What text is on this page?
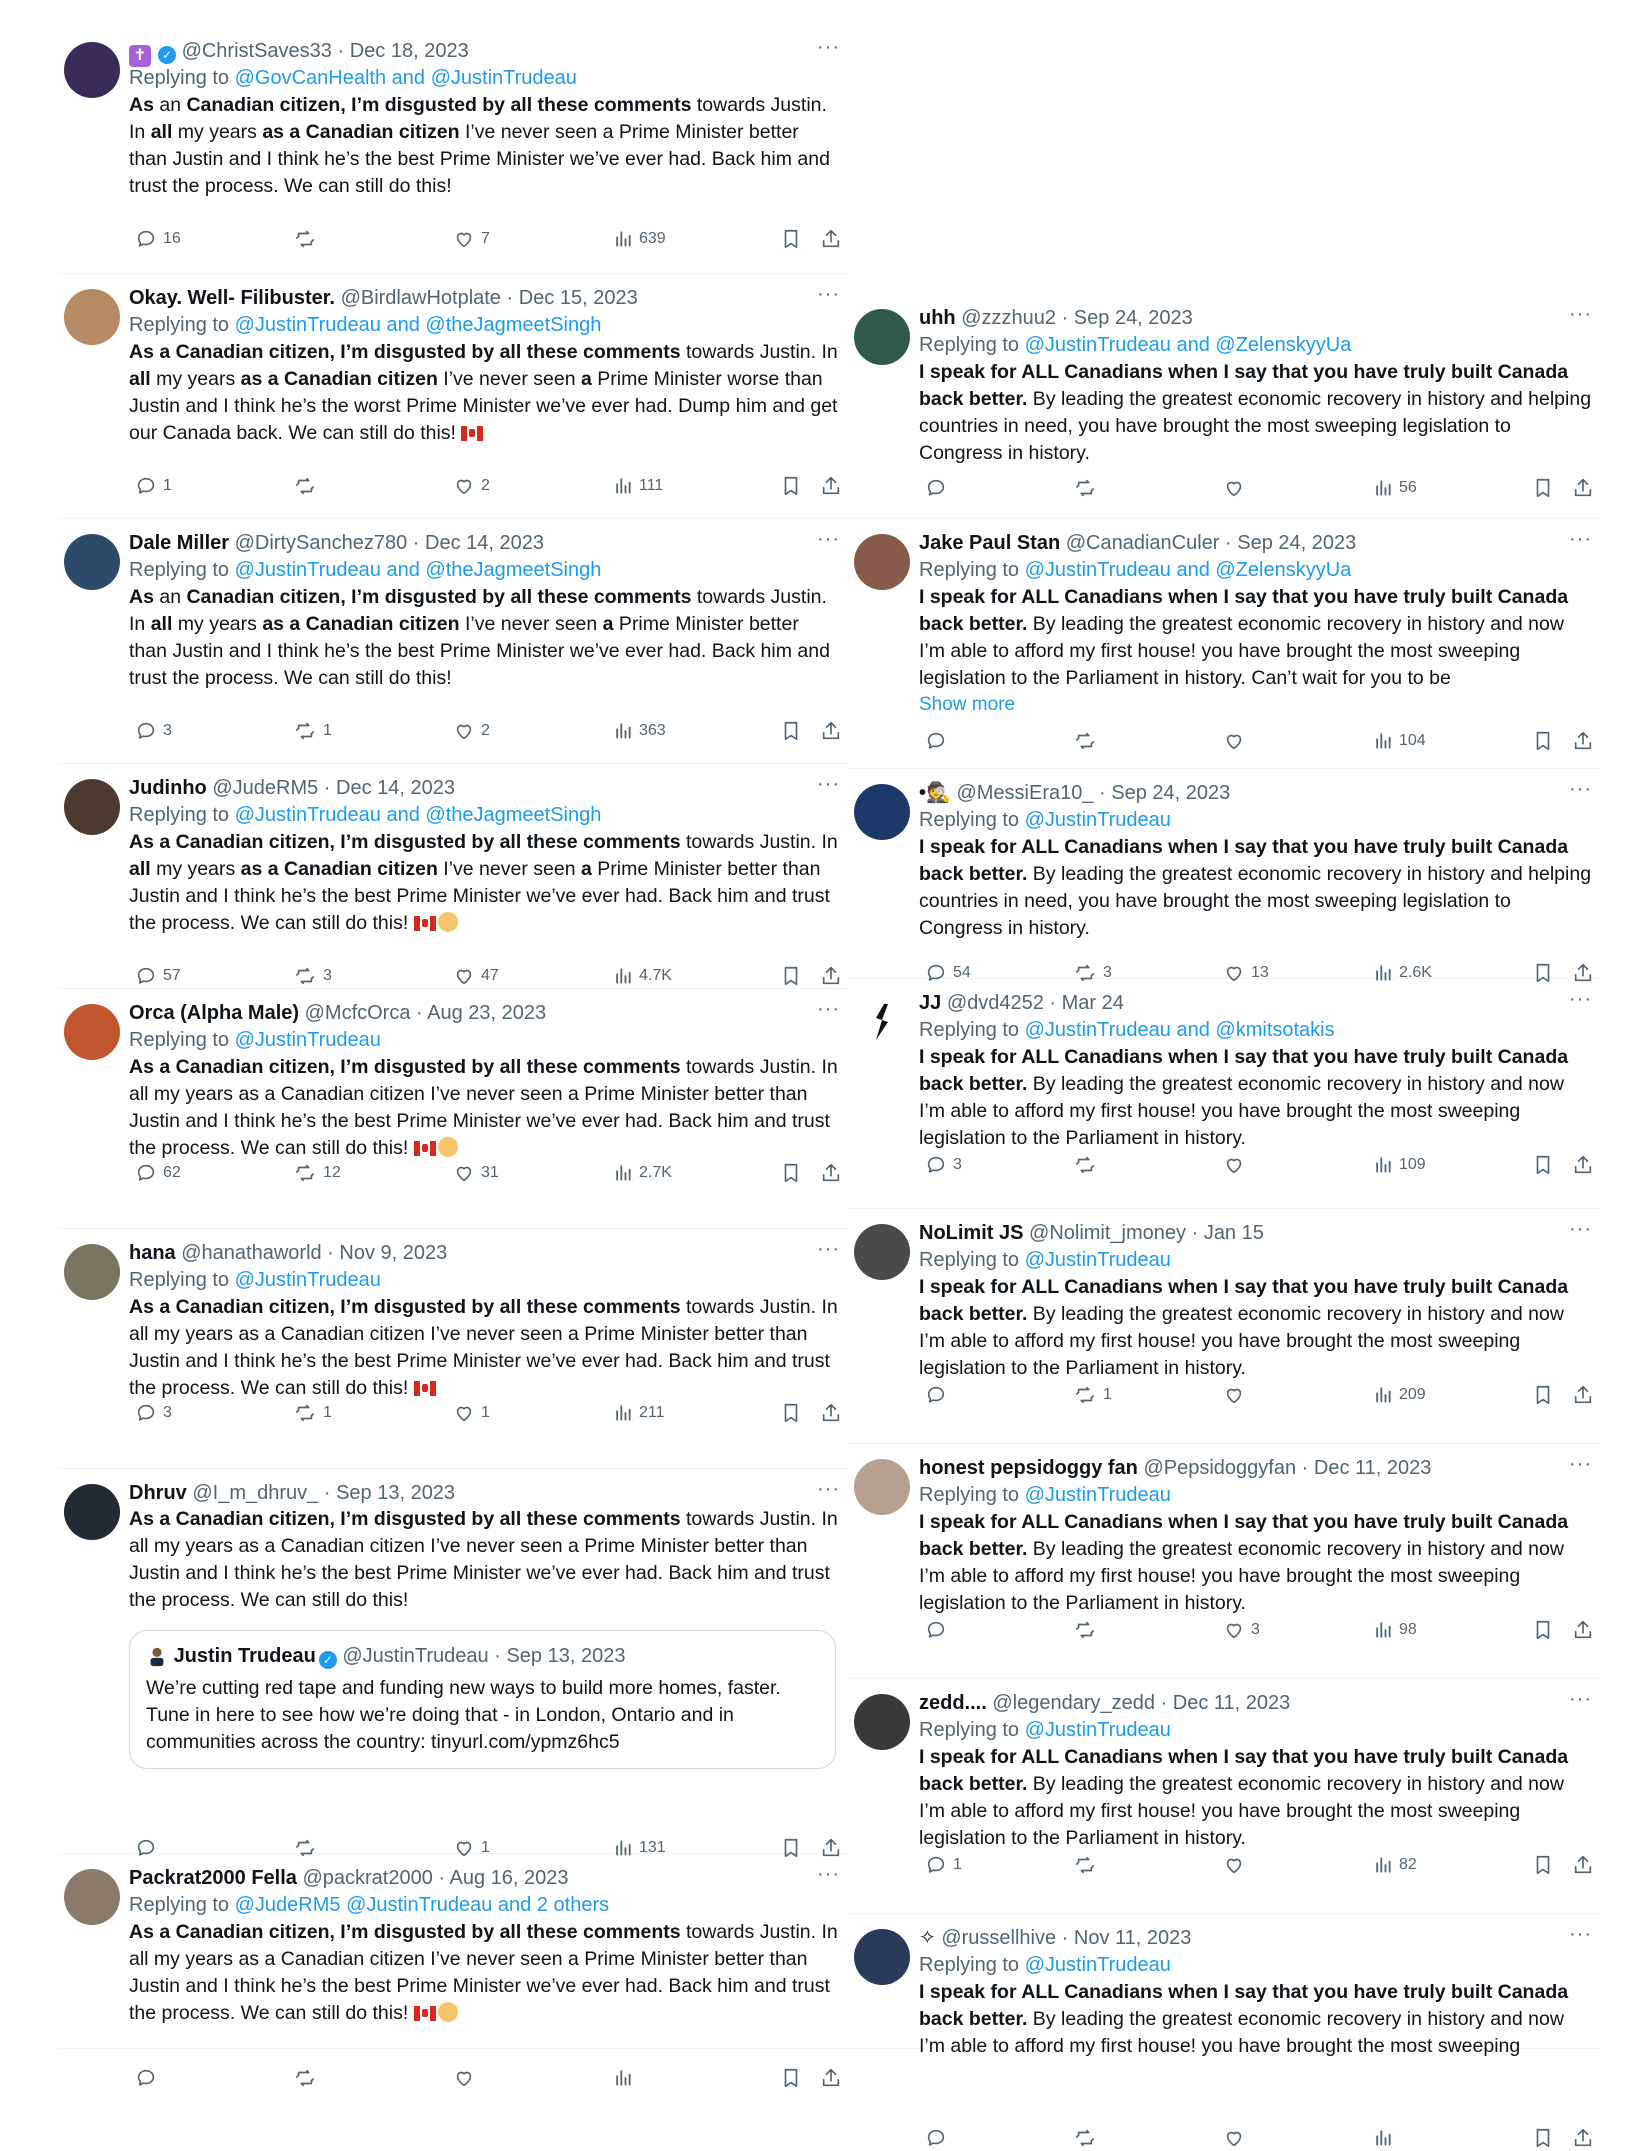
✝ ✓ @ChristSaves33 · Dec 18, 2023	···
Replying to @GovCanHealth and @JustinTrudeau
As an Canadian citizen, I’m disgusted by all these comments towards Justin. In all my years as a Canadian citizen I’ve never seen a Prime Minister better than Justin and I think he’s the best Prime Minister we’ve ever had. Back him and trust the process. We can still do this!
16	7	639
Okay. Well- Filibuster. @BirdlawHotplate · Dec 15, 2023	···
Replying to @JustinTrudeau and @theJagmeetSingh
As a Canadian citizen, I’m disgusted by all these comments towards Justin. In all my years as a Canadian citizen I’ve never seen a Prime Minister worse than Justin and I think he’s the worst Prime Minister we’ve ever had. Dump him and get our Canada back. We can still do this!
1	2	111
Dale Miller @DirtySanchez780 · Dec 14, 2023	···
Replying to @JustinTrudeau and @theJagmeetSingh
As an Canadian citizen, I’m disgusted by all these comments towards Justin. In all my years as a Canadian citizen I’ve never seen a Prime Minister better than Justin and I think he’s the best Prime Minister we’ve ever had. Back him and trust the process. We can still do this!
3	1	2	363
Judinho @JudeRM5 · Dec 14, 2023	···
Replying to @JustinTrudeau and @theJagmeetSingh
As a Canadian citizen, I’m disgusted by all these comments towards Justin. In all my years as a Canadian citizen I’ve never seen a Prime Minister better than Justin and I think he’s the best Prime Minister we’ve ever had. Back him and trust the process. We can still do this!
57	3	47	4.7K
Orca (Alpha Male) @McfcOrca · Aug 23, 2023	···
Replying to @JustinTrudeau
As a Canadian citizen, I’m disgusted by all these comments towards Justin. In all my years as a Canadian citizen I’ve never seen a Prime Minister better than Justin and I think he’s the best Prime Minister we’ve ever had. Back him and trust the process. We can still do this!
62	12	31	2.7K
hana @hanathaworld · Nov 9, 2023	···
Replying to @JustinTrudeau
As a Canadian citizen, I’m disgusted by all these comments towards Justin. In all my years as a Canadian citizen I’ve never seen a Prime Minister better than Justin and I think he’s the best Prime Minister we’ve ever had. Back him and trust the process. We can still do this!
3	1	1	211
Dhruv @I_m_dhruv_ · Sep 13, 2023	···
As a Canadian citizen, I’m disgusted by all these comments towards Justin. In all my years as a Canadian citizen I’ve never seen a Prime Minister better than Justin and I think he’s the best Prime Minister we’ve ever had. Back him and trust the process. We can still do this!
Justin Trudeau ✓ @JustinTrudeau · Sep 13, 2023
We’re cutting red tape and funding new ways to build more homes, faster. Tune in here to see how we’re doing that - in London, Ontario and in communities across the country: tinyurl.com/ypmz6hc5
1	131
Packrat2000 Fella @packrat2000 · Aug 16, 2023	···
Replying to @JudeRM5 @JustinTrudeau and 2 others
As a Canadian citizen, I’m disgusted by all these comments towards Justin. In all my years as a Canadian citizen I’ve never seen a Prime Minister better than Justin and I think he’s the best Prime Minister we’ve ever had. Back him and trust the process. We can still do this!
uhh @zzzhuu2 · Sep 24, 2023	···
Replying to @JustinTrudeau and @ZelenskyyUa
I speak for ALL Canadians when I say that you have truly built Canada back better. By leading the greatest economic recovery in history and helping countries in need, you have brought the most sweeping legislation to Congress in history.
56
Jake Paul Stan @CanadianCuler · Sep 24, 2023	···
Replying to @JustinTrudeau and @ZelenskyyUa
I speak for ALL Canadians when I say that you have truly built Canada back better. By leading the greatest economic recovery in history and now I’m able to afford my first house! you have brought the most sweeping legislation to the Parliament in history. Can’t wait for you to be
Show more
104
•🕵 @MessiEra10_ · Sep 24, 2023	···
Replying to @JustinTrudeau
I speak for ALL Canadians when I say that you have truly built Canada back better. By leading the greatest economic recovery in history and helping countries in need, you have brought the most sweeping legislation to Congress in history.
54	3	13	2.6K
JJ @dvd4252 · Mar 24	···
Replying to @JustinTrudeau and @kmitsotakis
I speak for ALL Canadians when I say that you have truly built Canada back better. By leading the greatest economic recovery in history and now I’m able to afford my first house! you have brought the most sweeping legislation to the Parliament in history.
3	109
NoLimit JS @Nolimit_jmoney · Jan 15	···
Replying to @JustinTrudeau
I speak for ALL Canadians when I say that you have truly built Canada back better. By leading the greatest economic recovery in history and now I’m able to afford my first house! you have brought the most sweeping legislation to the Parliament in history.
1	209
honest pepsidoggy fan @Pepsidoggyfan · Dec 11, 2023	···
Replying to @JustinTrudeau
I speak for ALL Canadians when I say that you have truly built Canada back better. By leading the greatest economic recovery in history and now I’m able to afford my first house! you have brought the most sweeping legislation to the Parliament in history.
3	98
zedd.... @legendary_zedd · Dec 11, 2023	···
Replying to @JustinTrudeau
I speak for ALL Canadians when I say that you have truly built Canada back better. By leading the greatest economic recovery in history and now I’m able to afford my first house! you have brought the most sweeping legislation to the Parliament in history.
1	82
✧ @russellhive · Nov 11, 2023	···
Replying to @JustinTrudeau
I speak for ALL Canadians when I say that you have truly built Canada back better. By leading the greatest economic recovery in history and now I’m able to afford my first house! you have brought the most sweeping
